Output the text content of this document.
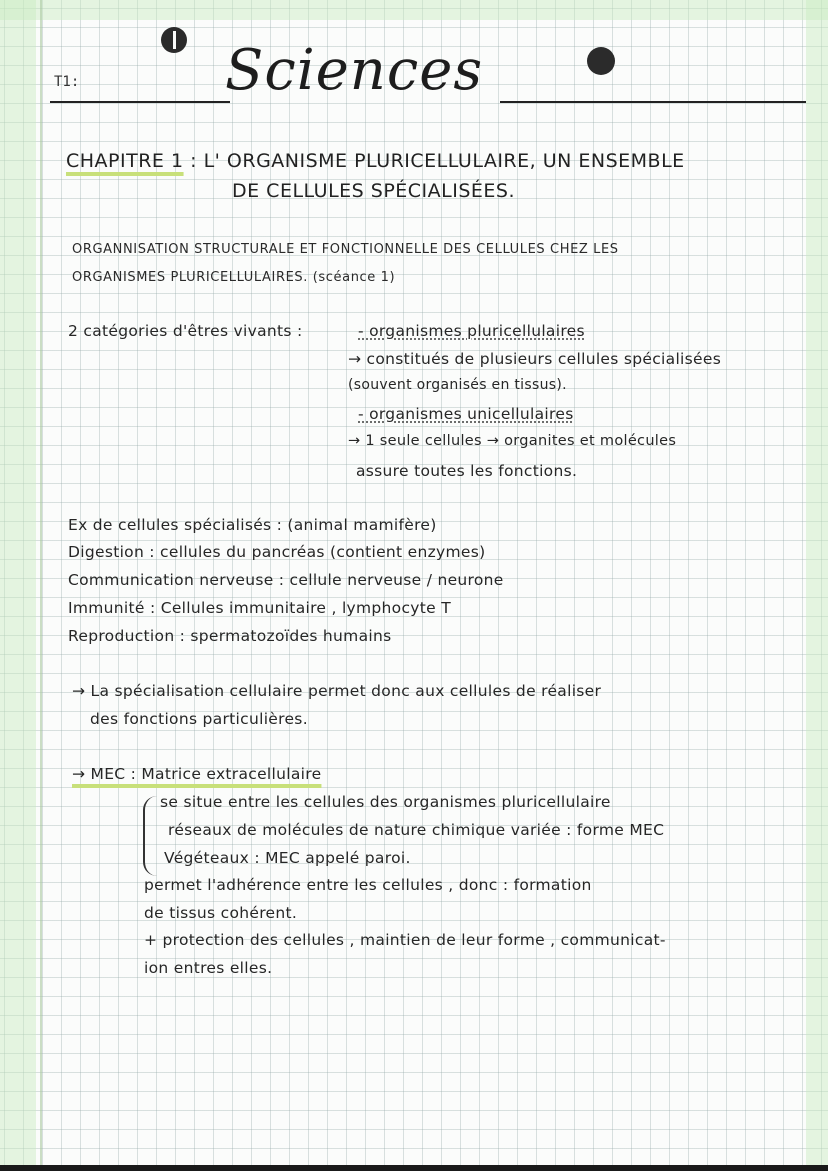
T1:	Sciences
CHAPITRE 1 : L' ORGANISME PLURICELLULAIRE, UN ENSEMBLE
DE CELLULES SPÉCIALISÉES.
ORGANNISATION STRUCTURALE ET FONCTIONNELLE DES CELLULES CHEZ LES
ORGANISMES PLURICELLULAIRES. (scéance 1)
2 catégories d'êtres vivants :	- organismes pluricellulaires
→ constitués de plusieurs cellules spécialisées
(souvent organisés en tissus).
- organismes unicellulaires
→ 1 seule cellules → organites et molécules
assure toutes les fonctions.
Ex de cellules spécialisés : (animal mamifère)
Digestion : cellules du pancréas (contient enzymes)
Communication nerveuse : cellule nerveuse / neurone
Immunité : Cellules immunitaire , lymphocyte T
Reproduction : spermatozoïdes humains
→ La spécialisation cellulaire permet donc aux cellules de réaliser
des fonctions particulières.
→ MEC : Matrice extracellulaire
se situe entre les cellules des organismes pluricellulaire
réseaux de molécules de nature chimique variée : forme MEC
Végéteaux : MEC appelé paroi.
permet l'adhérence entre les cellules , donc : formation
de tissus cohérent.
+ protection des cellules , maintien de leur forme , communicat-
ion entres elles.
